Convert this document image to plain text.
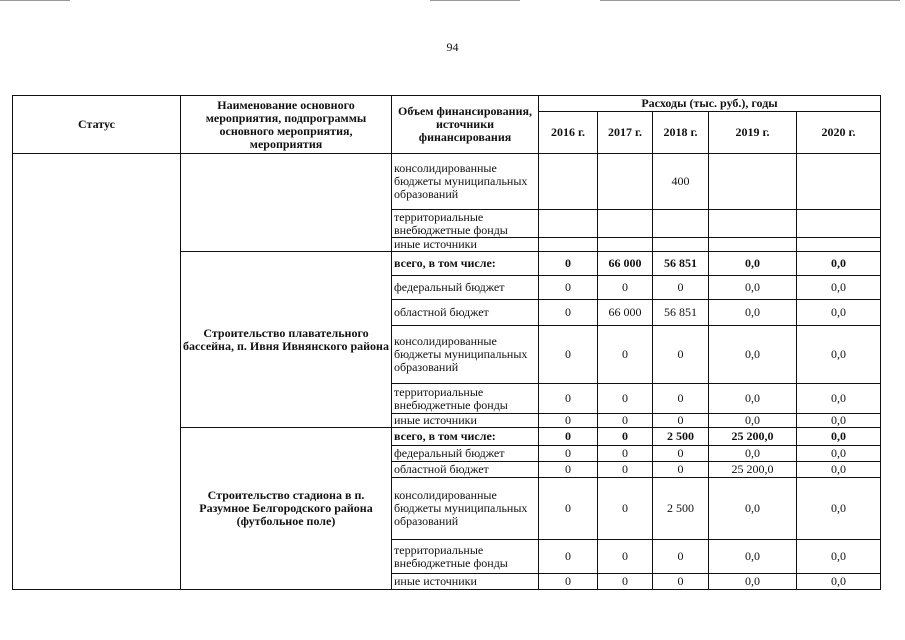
94
Статус	Наименование основного мероприятия, подпрограммы основного мероприятия, мероприятия	Объем финансирования, источники финансирования	Расходы (тыс. руб.), годы				
			2016 г.	2017 г.	2018 г.	2019 г.	2020 г.
		консолидированные бюджеты муниципальных образований			400		
		территориальные внебюджетные фонды					
		иные источники					
	Строительство плавательного бассейна, п. Ивня Ивнянского района	всего, в том числе:	0	66 000	56 851	0,0	0,0
		федеральный бюджет	0	0	0	0,0	0,0
		областной бюджет	0	66 000	56 851	0,0	0,0
		консолидированные бюджеты муниципальных образований	0	0	0	0,0	0,0
		территориальные внебюджетные фонды	0	0	0	0,0	0,0
		иные источники	0	0	0	0,0	0,0
	Строительство стадиона в п. Разумное Белгородского района (футбольное поле)	всего, в том числе:	0	0	2 500	25 200,0	0,0
		федеральный бюджет	0	0	0	0,0	0,0
		областной бюджет	0	0	0	25 200,0	0,0
		консолидированные бюджеты муниципальных образований	0	0	2 500	0,0	0,0
		территориальные внебюджетные фонды	0	0	0	0,0	0,0
		иные источники	0	0	0	0,0	0,0
